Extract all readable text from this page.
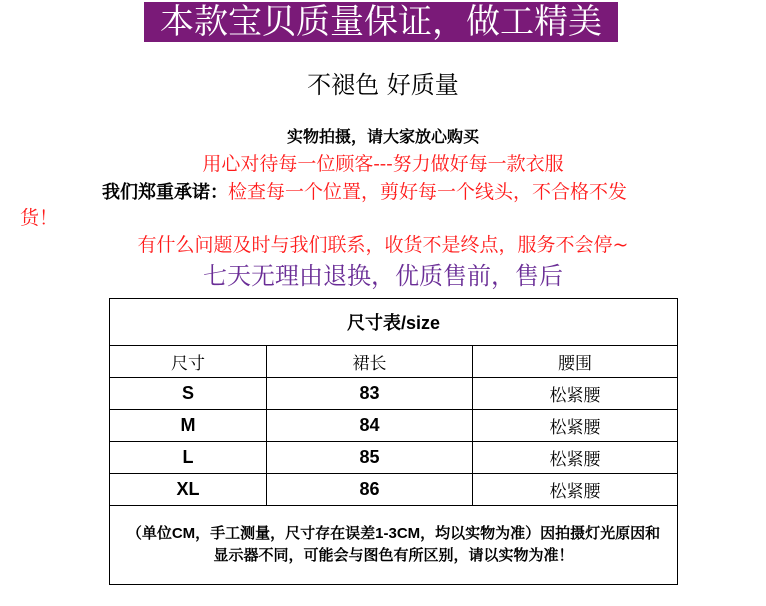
本款宝贝质量保证，做工精美
不褪色 好质量
实物拍摄，请大家放心购买
用心对待每一位顾客---努力做好每一款衣服
我们郑重承诺：检查每一个位置，剪好每一个线头，不合格不发
货！
有什么问题及时与我们联系，收货不是终点，服务不会停~
七天无理由退换，优质售前，售后
尺寸表/size		
尺寸	裙长	腰围
S	83	松紧腰
M	84	松紧腰
L	85	松紧腰
XL	86	松紧腰
（单位CM，手工测量，尺寸存在误差1-3CM，均以实物为准）因拍摄灯光原因和显示器不同，可能会与图色有所区别，请以实物为准！		
